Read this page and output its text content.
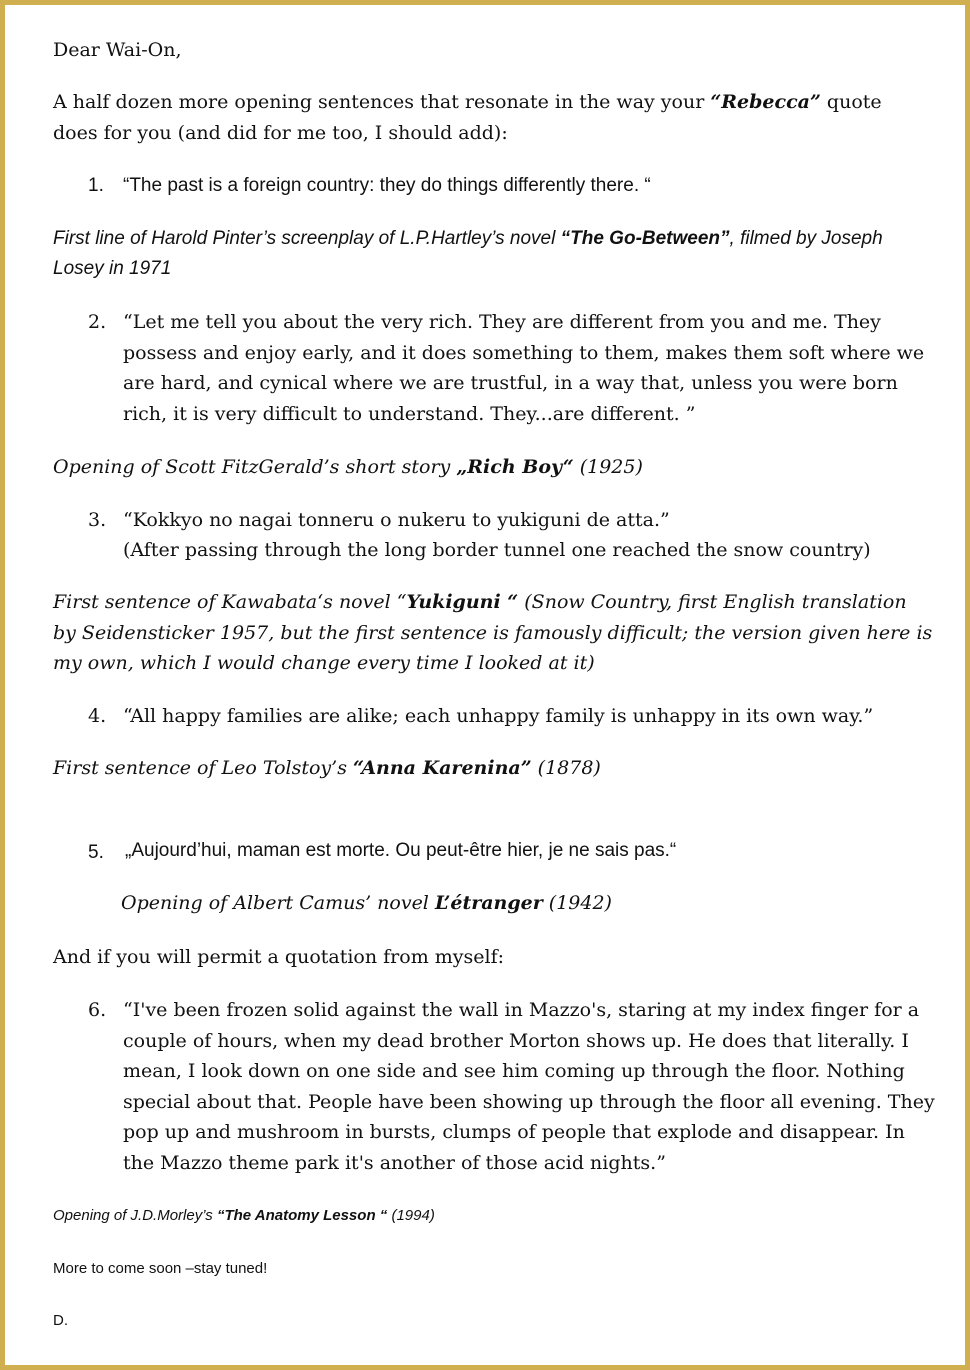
Dear Wai-On,
A half dozen more opening sentences that resonate in the way your “Rebecca” quote does for you (and did for me too, I should add):
1. “The past is a foreign country: they do things differently there. “
First line of Harold Pinter’s screenplay of L.P.Hartley’s novel “The Go-Between”, filmed by Joseph Losey in 1971
2. “Let me tell you about the very rich. They are different from you and me. They possess and enjoy early, and it does something to them, makes them soft where we are hard, and cynical where we are trustful, in a way that, unless you were born rich, it is very difficult to understand. They...are different. ”
Opening of Scott FitzGerald’s short story „Rich Boy“ (1925)
3. “Kokkyo no nagai tonneru o nukeru to yukiguni de atta.”
(After passing through the long border tunnel one reached the snow country)
First sentence of Kawabata‘s novel “Yukiguni “ (Snow Country, first English translation by Seidensticker 1957, but the first sentence is famously difficult; the version given here is my own, which I would change every time I looked at it)
4. “All happy families are alike; each unhappy family is unhappy in its own way.”
First sentence of Leo Tolstoy’s “Anna Karenina” (1878)
5. „Aujourd’hui, maman est morte. Ou peut-être hier, je ne sais pas.“
Opening of Albert Camus’ novel L’étranger (1942)
And if you will permit a quotation from myself:
6. “I've been frozen solid against the wall in Mazzo's, staring at my index finger for a couple of hours, when my dead brother Morton shows up. He does that literally. I mean, I look down on one side and see him coming up through the floor. Nothing special about that. People have been showing up through the floor all evening. They pop up and mushroom in bursts, clumps of people that explode and disappear. In the Mazzo theme park it's another of those acid nights.”
Opening of J.D.Morley’s “The Anatomy Lesson “ (1994)
More to come soon –stay tuned!
D.
